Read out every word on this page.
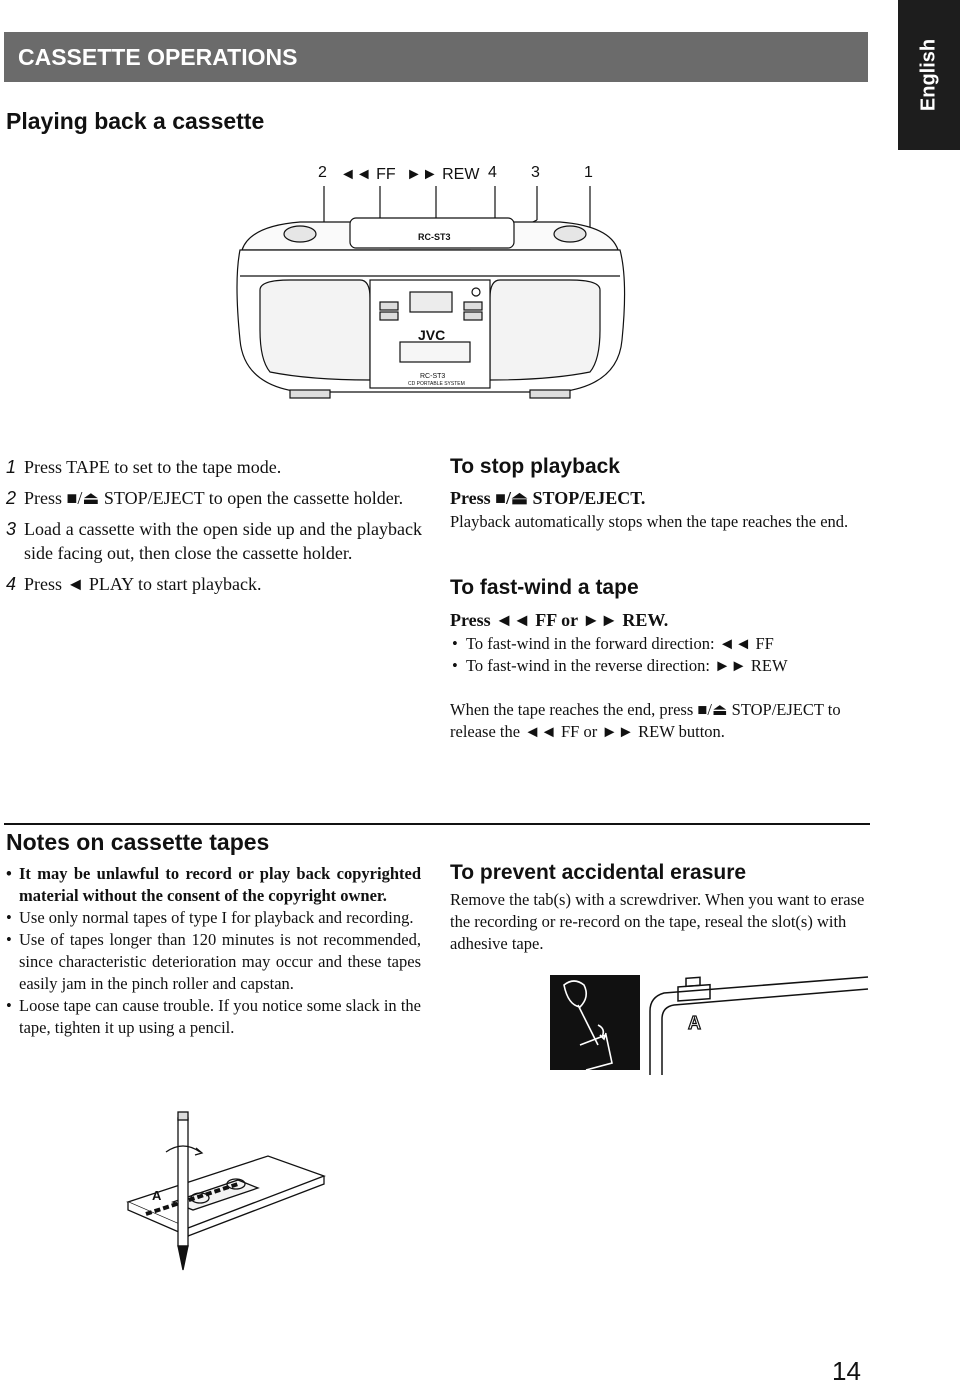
CASSETTE OPERATIONS	English
Playing back a cassette
2 ◄◄ FF ►► REW 4 3	1
RC-ST3
JVC
RC-ST3
CD PORTABLE SYSTEM
1 Press TAPE to set to the tape mode.
2 Press ■/⏏ STOP/EJECT to open the cassette holder.
3 Load a cassette with the open side up and the playback side facing out, then close the cassette holder.
4 Press ◄ PLAY to start playback.
To stop playback
Press ■/⏏ STOP/EJECT.
Playback automatically stops when the tape reaches the end.
To fast-wind a tape
Press ◄◄ FF or ►► REW.
• To fast-wind in the forward direction: ◄◄ FF
• To fast-wind in the reverse direction: ►► REW
When the tape reaches the end, press ■/⏏ STOP/EJECT to release the ◄◄ FF or ►► REW button.
Notes on cassette tapes
• It may be unlawful to record or play back copyrighted material without the consent of the copyright owner.
• Use only normal tapes of type I for playback and recording.
• Use of tapes longer than 120 minutes is not recommended, since characteristic deterioration may occur and these tapes easily jam in the pinch roller and capstan.
• Loose tape can cause trouble. If you notice some slack in the tape, tighten it up using a pencil.
A
To prevent accidental erasure
Remove the tab(s) with a screwdriver. When you want to erase the recording or re-record on the tape, reseal the slot(s) with adhesive tape.
A
14
